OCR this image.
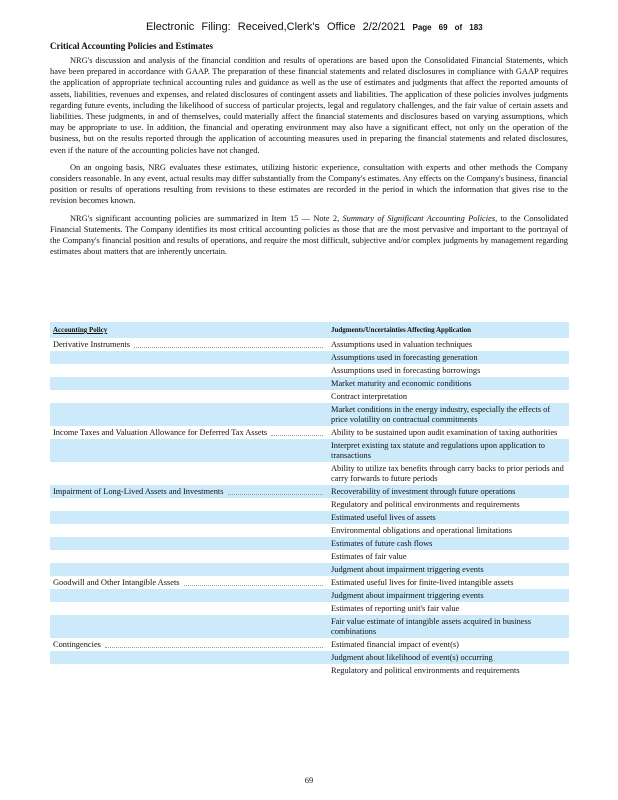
Electronic Filing: Received,Clerk's Office 2/2/2021 Page 69 of 183
Critical Accounting Policies and Estimates

NRG's discussion and analysis of the financial condition and results of operations are based upon the Consolidated Financial Statements, which have been prepared in accordance with GAAP. The preparation of these financial statements and related disclosures in compliance with GAAP requires the application of appropriate technical accounting rules and guidance as well as the use of estimates and judgments that affect the reported amounts of assets, liabilities, revenues and expenses, and related disclosures of contingent assets and liabilities. The application of these policies involves judgments regarding future events, including the likelihood of success of particular projects, legal and regulatory challenges, and the fair value of certain assets and liabilities. These judgments, in and of themselves, could materially affect the financial statements and disclosures based on varying assumptions, which may be appropriate to use. In addition, the financial and operating environment may also have a significant effect, not only on the operation of the business, but on the results reported through the application of accounting measures used in preparing the financial statements and related disclosures, even if the nature of the accounting policies have not changed.

On an ongoing basis, NRG evaluates these estimates, utilizing historic experience, consultation with experts and other methods the Company considers reasonable. In any event, actual results may differ substantially from the Company's estimates. Any effects on the Company's business, financial position or results of operations resulting from revisions to these estimates are recorded in the period in which the information that gives rise to the revision becomes known.

NRG's significant accounting policies are summarized in Item 15 — Note 2, Summary of Significant Accounting Policies, to the Consolidated Financial Statements. The Company identifies its most critical accounting policies as those that are the most pervasive and important to the portrayal of the Company's financial position and results of operations, and require the most difficult, subjective and/or complex judgments by management regarding estimates about matters that are inherently uncertain.

Accounting Policy	Judgments/Uncertainties Affecting Application

Derivative Instruments	Assumptions used in valuation techniques
	Assumptions used in forecasting generation
	Assumptions used in forecasting borrowings
	Market maturity and economic conditions
	Contract interpretation
	Market conditions in the energy industry, especially the effects of price volatility on contractual commitments

Income Taxes and Valuation Allowance for Deferred Tax Assets	Ability to be sustained upon audit examination of taxing authorities
	Interpret existing tax statute and regulations upon application to transactions
	Ability to utilize tax benefits through carry backs to prior periods and carry forwards to future periods

Impairment of Long-Lived Assets and Investments	Recoverability of investment through future operations
	Regulatory and political environments and requirements
	Estimated useful lives of assets
	Environmental obligations and operational limitations
	Estimates of future cash flows
	Estimates of fair value
	Judgment about impairment triggering events

Goodwill and Other Intangible Assets	Estimated useful lives for finite-lived intangible assets
	Judgment about impairment triggering events
	Estimates of reporting unit's fair value
	Fair value estimate of intangible assets acquired in business combinations

Contingencies	Estimated financial impact of event(s)
	Judgment about likelihood of event(s) occurring
	Regulatory and political environments and requirements
69
